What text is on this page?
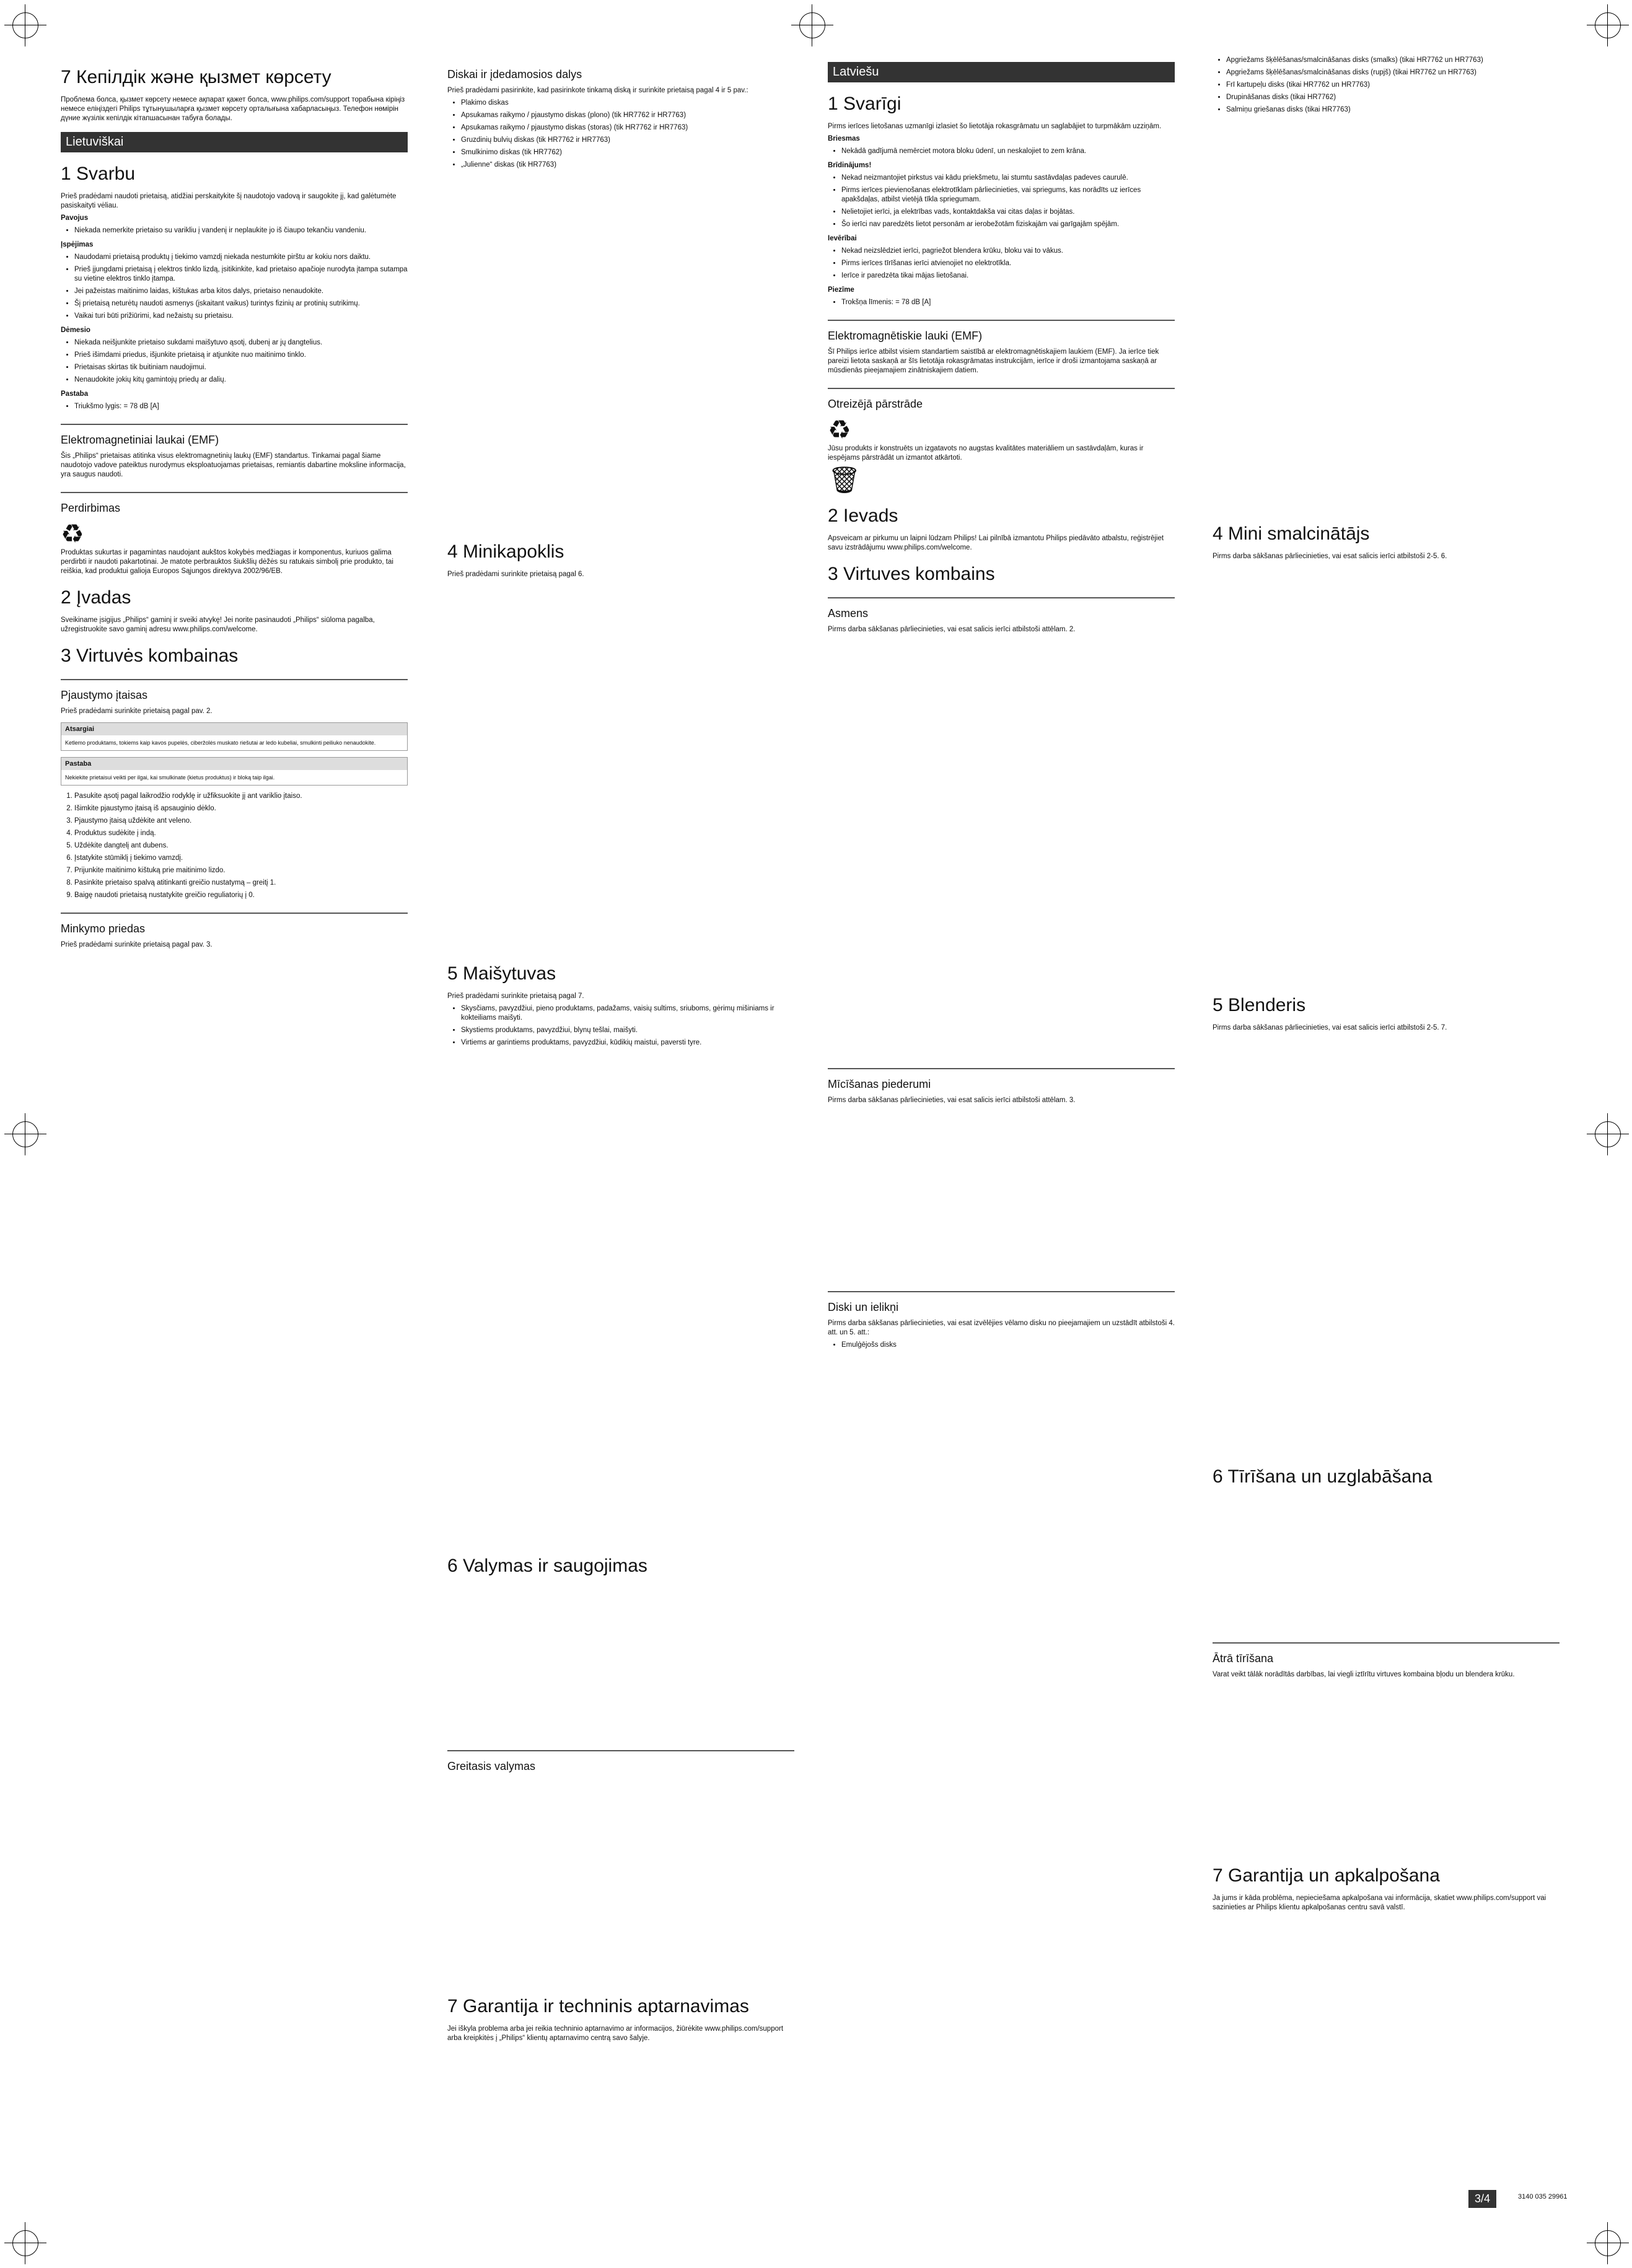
7 Кепілдік жəне қызмет көрсету

Проблема болса, қызмет көрсету немесе ақпарат қажет болса, www.philips.com/support торабына кіріңіз немесе еліңіздегі Philips тұтынушыларға қызмет көрсету орталығына хабарласыңыз. Телефон нөмірін дүние жүзілік кепілдік кітапшасынан табуға болады.

Lietuviškai
1 Svarbu

Prieš pradėdami naudoti prietaisą, atidžiai perskaitykite šį naudotojo vadovą ir saugokite jį, kad galėtumėte pasiskaityti vėliau.

Pavojus

• Niekada nemerkite prietaiso su varikliu į vandenį ir neplaukite jo iš čiaupo tekančiu vandeniu.

Įspėjimas

• Naudodami prietaisą produktų į tiekimo vamzdį niekada nestumkite pirštu ar kokiu nors daiktu.
• Prieš įjungdami prietaisą į elektros tinklo lizdą, įsitikinkite, kad prietaiso apačioje nurodyta įtampa sutampa su vietine elektros tinklo įtampa.
• Jei pažeistas maitinimo laidas, kištukas arba kitos dalys, prietaiso nenaudokite.
• Šį prietaisą neturėtų naudoti asmenys (įskaitant vaikus) turintys fizinių ar protinių sutrikimų.
• Vaikai turi būti prižiūrimi, kad nežaistų su prietaisu.

Dėmesio

• Niekada neišjunkite prietaiso sukdami maišytuvo ąsotį, dubenį ar jų dangtelius.
• Prieš išimdami priedus, išjunkite prietaisą ir atjunkite nuo maitinimo tinklo.
• Prietaisas skirtas tik buitiniam naudojimui.
• Nenaudokite jokių kitų gamintojų priedų ar dalių.

Pastaba

• Triukšmo lygis: = 78 dB [A]
Elektromagnetiniai laukai (EMF)

Šis „Philips“ prietaisas atitinka visus elektromagnetinių laukų (EMF) standartus. Tinkamai pagal šiame naudotojo vadove pateiktus nurodymus eksploatuojamas prietaisas, remiantis dabartine moksline informacija, yra saugus naudoti.

Perdirbimas
♻

Produktas sukurtas ir pagamintas naudojant aukštos kokybės medžiagas ir komponentus, kuriuos galima perdirbti ir naudoti pakartotinai. Je matote perbrauktos šiukšlių dėžės su ratukais simbolį prie produkto, tai reiškia, kad produktui galioja Europos Sąjungos direktyva 2002/96/EB.

2 Įvadas

Sveikiname įsigijus „Philips“ gaminį ir sveiki atvykę! Jei norite pasinaudoti „Philips“ siūloma pagalba, užregistruokite savo gaminį adresu www.philips.com/welcome.

3 Virtuvės kombainas
Pjaustymo įtaisas

Prieš pradėdami surinkite prietaisą pagal pav. 2.

Atsargiai
Ketlemo produktams, tokiems kaip kavos pupelės, ciberžolės muskato riešutai ar ledo kubeliai, smulkinti peiliuko nenaudokite.
Pastaba
Nekiekite prietaisui veikti per ilgai, kai smulkinate (kietus produktus) ir bloką taip ilgai.
1. Pasukite ąsotį pagal laikrodžio rodyklę ir užfiksuokite jį ant variklio įtaiso.
2. Išimkite pjaustymo įtaisą iš apsauginio dėklo.
3. Pjaustymo įtaisą uždėkite ant veleno.
4. Produktus sudėkite į indą.
5. Uždėkite dangtelį ant dubens.
6. Įstatykite stūmiklį į tiekimo vamzdį.
7. Prijunkite maitinimo kištuką prie maitinimo lizdo.
8. Pasinkite prietaiso spalvą atitinkanti greičio nustatymą – greitį 1.
9. Baigę naudoti prietaisą nustatykite greičio reguliatorių į 0.
Minkymo priedas

Prieš pradėdami surinkite prietaisą pagal pav. 3.

Diskai ir įdedamosios dalys

Prieš pradėdami pasirinkite, kad pasirinkote tinkamą diską ir surinkite prietaisą pagal 4 ir 5 pav.:

• Plakimo diskas
• Apsukamas raikymo / pjaustymo diskas (plono) (tik HR7762 ir HR7763)
• Apsukamas raikymo / pjaustymo diskas (storas) (tik HR7762 ir HR7763)
• Gruzdinių bulvių diskas (tik HR7762 ir HR7763)
• Smulkinimo diskas (tik HR7762)
• „Julienne“ diskas (tik HR7763)
4 Minikapoklis

Prieš pradėdami surinkite prietaisą pagal 6.

5 Maišytuvas

Prieš pradėdami surinkite prietaisą pagal 7.

• Skysčiams, pavyzdžiui, pieno produktams, padažams, vaisių sultims, sriuboms, gėrimų mišiniams ir kokteiliams maišyti.
• Skystiems produktams, pavyzdžiui, blynų tešlai, maišyti.
• Virtiems ar garintiems produktams, pavyzdžiui, kūdikių maistui, paversti tyre.
6 Valymas ir saugojimas
Greitasis valymas
7 Garantija ir techninis aptarnavimas

Jei iškyla problema arba jei reikia techninio aptarnavimo ar informacijos, žiūrėkite www.philips.com/support arba kreipkitės į „Philips“ klientų aptarnavimo centrą savo šalyje.

Latviešu
1 Svarīgi

Pirms ierīces lietošanas uzmanīgi izlasiet šo lietotāja rokasgrāmatu un saglabājiet to turpmākām uzziņām.

Briesmas

• Nekādā gadījumā nemērciet motora bloku ūdenī, un neskalojiet to zem krāna.

Brīdinājums!

• Nekad neizmantojiet pirkstus vai kādu priekšmetu, lai stumtu sastāvdaļas padeves caurulē.
• Pirms ierīces pievienošanas elektrotīklam pārliecinieties, vai spriegums, kas norādīts uz ierīces apakšdaļas, atbilst vietējā tīkla spriegumam.
• Nelietojiet ierīci, ja elektrības vads, kontaktdakša vai citas daļas ir bojātas.
• Šo ierīci nav paredzēts lietot personām ar ierobežotām fiziskajām vai garīgajām spējām.

Ievērībai

• Nekad neizslēdziet ierīci, pagriežot blendera krūku, bloku vai to vākus.
• Pirms ierīces tīrīšanas ierīci atvienojiet no elektrotīkla.
• Ierīce ir paredzēta tikai mājas lietošanai.

Piezīme

• Trokšņa līmenis: = 78 dB [A]
Elektromagnētiskie lauki (EMF)

Šī Philips ierīce atbilst visiem standartiem saistībā ar elektromagnētiskajiem laukiem (EMF). Ja ierīce tiek pareizi lietota saskaņā ar šīs lietotāja rokasgrāmatas instrukcijām, ierīce ir droši izmantojama saskaņā ar mūsdienās pieejamajiem zinātniskajiem datiem.

Otreizējā pārstrāde
♻

Jūsu produkts ir konstruēts un izgatavots no augstas kvalitātes materiāliem un sastāvdaļām, kuras ir iespējams pārstrādāt un izmantot atkārtoti.

🗑
2 Ievads

Apsveicam ar pirkumu un laipni lūdzam Philips! Lai pilnībā izmantotu Philips piedāvāto atbalstu, reģistrējiet savu izstrādājumu www.philips.com/welcome.

3 Virtuves kombains
Asmens

Pirms darba sākšanas pārliecinieties, vai esat salicis ierīci atbilstoši attēlam. 2.

Mīcīšanas piederumi

Pirms darba sākšanas pārliecinieties, vai esat salicis ierīci atbilstoši attēlam. 3.

Diski un ielikņi

Pirms darba sākšanas pārliecinieties, vai esat izvēlējies vēlamo disku no pieejamajiem un uzstādīt atbilstoši 4. att. un 5. att.:

• Emulģējošs disks
• Apgriežams šķēlēšanas/smalcināšanas disks (smalks) (tikai HR7762 un HR7763)
• Apgriežams šķēlēšanas/smalcināšanas disks (rupjš) (tikai HR7762 un HR7763)
• Frī kartupeļu disks (tikai HR7762 un HR7763)
• Drupināšanas disks (tikai HR7762)
• Salmiņu griešanas disks (tikai HR7763)
4 Mini smalcinātājs

Pirms darba sākšanas pārliecinieties, vai esat salicis ierīci atbilstoši 2-5. 6.

5 Blenderis

Pirms darba sākšanas pārliecinieties, vai esat salicis ierīci atbilstoši 2-5. 7.

6 Tīrīšana un uzglabāšana
Ātrā tīrīšana

Varat veikt tālāk norādītās darbības, lai viegli iztīrītu virtuves kombaina bļodu un blendera krūku.

7 Garantija un apkalpošana

Ja jums ir kāda problēma, nepieciešama apkalpošana vai informācija, skatiet www.philips.com/support vai sazinieties ar Philips klientu apkalpošanas centru savā valstī.

3/4	3140 035 29961
